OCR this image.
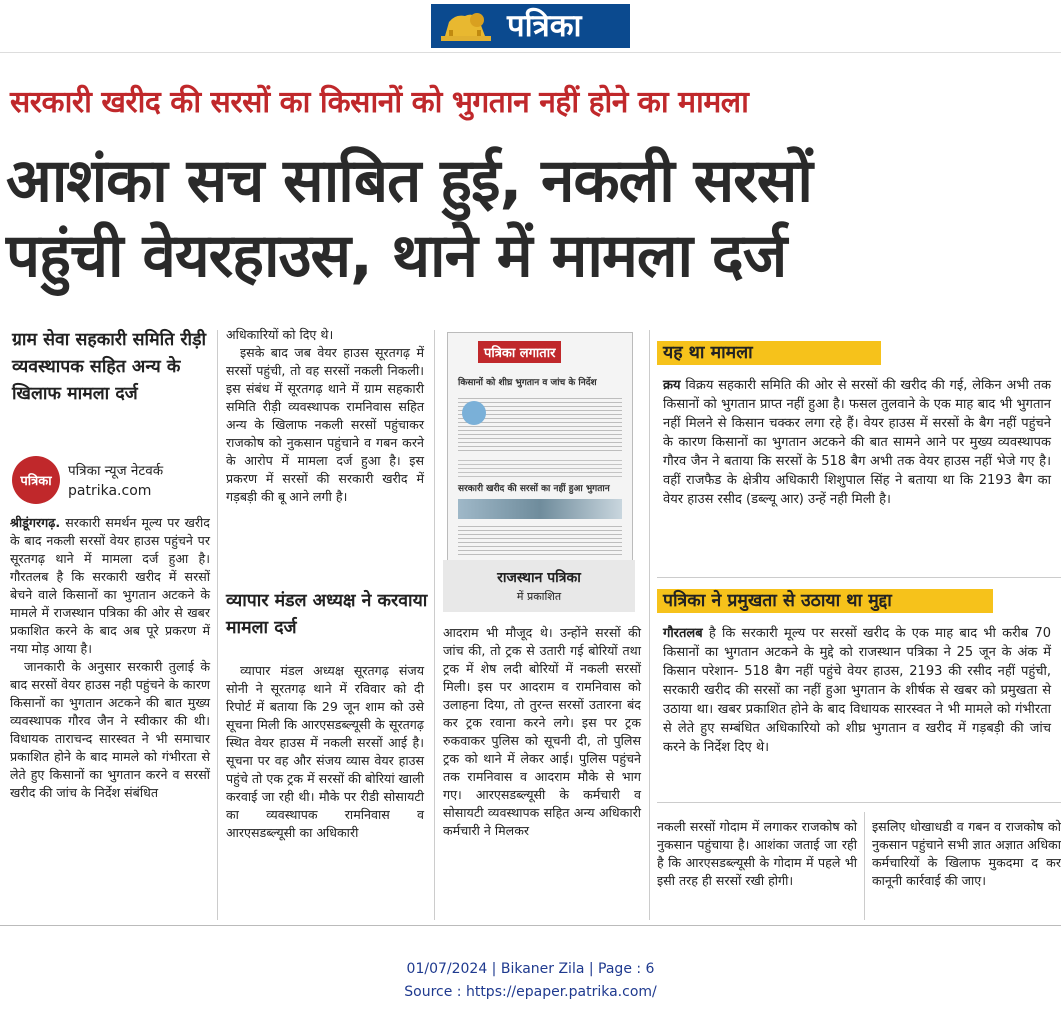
पत्रिका
सरकारी खरीद की सरसों का किसानों को भुगतान नहीं होने का मामला
आशंका सच साबित हुई, नकली सरसों
पहुंची वेयरहाउस, थाने में मामला दर्ज
ग्राम सेवा सहकारी समिति रीड़ी व्यवस्थापक सहित अन्य के खिलाफ मामला दर्ज
पत्रिका
पत्रिका न्यूज नेटवर्क
patrika.com

श्रीडूंगरगढ़. सरकारी समर्थन मूल्य पर खरीद के बाद नकली सरसों वेयर हाउस पहुंचने पर सूरतगढ़ थाने में मामला दर्ज हुआ है। गौरतलब है कि सरकारी खरीद में सरसों बेचने वाले किसानों का भुगतान अटकने के मामले में राजस्थान पत्रिका की ओर से खबर प्रकाशित करने के बाद अब पूरे प्रकरण में नया मोड़ आया है।

जानकारी के अनुसार सरकारी तुलाई के बाद सरसों वेयर हाउस नही पहुंचने के कारण किसानों का भुगतान अटकने की बात मुख्य व्यवस्थापक गौरव जैन ने स्वीकार की थी। विधायक ताराचन्द सारस्वत ने भी समाचार प्रकाशित होने के बाद मामले को गंभीरता से लेते हुए किसानों का भुगतान करने व सरसों खरीद की जांच के निर्देश संबंधित

अधिकारियों को दिए थे।

इसके बाद जब वेयर हाउस सूरतगढ़ में सरसों पहुंची, तो वह सरसों नकली निकली। इस संबंध में सूरतगढ़ थाने में ग्राम सहकारी समिति रीड़ी व्यवस्थापक रामनिवास सहित अन्य के खिलाफ नकली सरसों पहुंचाकर राजकोष को नुकसान पहुंचाने व गबन करने के आरोप में मामला दर्ज हुआ है। इस प्रकरण में सरसों की सरकारी खरीद में गड़बड़ी की बू आने लगी है।

व्यापार मंडल अध्यक्ष ने करवाया मामला दर्ज

व्यापार मंडल अध्यक्ष सूरतगढ़ संजय सोनी ने सूरतगढ़ थाने में रविवार को दी रिपोर्ट में बताया कि 29 जून शाम को उसे सूचना मिली कि आरएसडब्ल्यूसी के सूरतगढ़ स्थित वेयर हाउस में नकली सरसों आई है। सूचना पर वह और संजय व्यास वेयर हाउस पहुंचे तो एक ट्रक में सरसों की बोरियां खाली करवाई जा रही थी। मौके पर रीडी सोसायटी का व्यवस्थापक रामनिवास व आरएसडब्ल्यूसी का अधिकारी

पत्रिका लगातार
किसानों को शीघ्र भुगतान व जांच के निर्देश
सरकारी खरीद की सरसों का नहीं हुआ भुगतान
राजस्थान पत्रिका
में प्रकाशित

आदराम भी मौजूद थे। उन्होंने सरसों की जांच की, तो ट्रक से उतारी गई बोरियों तथा ट्रक में शेष लदी बोरियों में नकली सरसों मिली। इस पर आदराम व रामनिवास को उलाहना दिया, तो तुरन्त सरसों उतारना बंद कर ट्रक रवाना करने लगे। इस पर ट्रक रुकवाकर पुलिस को सूचनी दी, तो पुलिस ट्रक को थाने में लेकर आई। पुलिस पहुंचने तक रामनिवास व आदराम मौके से भाग गए। आरएसडब्ल्यूसी के कर्मचारी व सोसायटी व्यवस्थापक सहित अन्य अधिकारी कर्मचारी ने मिलकर

यह था मामला

क्रय विक्रय सहकारी समिति की ओर से सरसों की खरीद की गई, लेकिन अभी तक किसानों को भुगतान प्राप्त नहीं हुआ है। फसल तुलवाने के एक माह बाद भी भुगतान नहीं मिलने से किसान चक्कर लगा रहे हैं। वेयर हाउस में सरसों के बैग नहीं पहुंचने के कारण किसानों का भुगतान अटकने की बात सामने आने पर मुख्य व्यवस्थापक गौरव जैन ने बताया कि सरसों के 518 बैग अभी तक वेयर हाउस नहीं भेजे गए है। वहीं राजफैड के क्षेत्रीय अधिकारी शिशुपाल सिंह ने बताया था कि 2193 बैग का वेयर हाउस रसीद (डब्ल्यू आर) उन्हें नही मिली है।

पत्रिका ने प्रमुखता से उठाया था मुद्दा

गौरतलब है कि सरकारी मूल्य पर सरसों खरीद के एक माह बाद भी करीब 70 किसानों का भुगतान अटकने के मुद्दे को राजस्थान पत्रिका ने 25 जून के अंक में किसान परेशान- 518 बैग नहीं पहुंचे वेयर हाउस, 2193 की रसीद नहीं पहुंची, सरकारी खरीद की सरसों का नहीं हुआ भुगतान के शीर्षक से खबर को प्रमुखता से उठाया था। खबर प्रकाशित होने के बाद विधायक सारस्वत ने भी मामले को गंभीरता से लेते हुए सम्बंधित अधिकारियो को शीघ्र भुगतान व खरीद में गड़बड़ी की जांच करने के निर्देश दिए थे।

नकली सरसों गोदाम में लगाकर राजकोष को नुकसान पहुंचाया है। आशंका जताई जा रही है कि आरएसडब्ल्यूसी के गोदाम में पहले भी इसी तरह ही सरसों रखी होगी।

इसलिए धोखाधडी व गबन व राजकोष को नुकसान पहुंचाने सभी ज्ञात अज्ञात अधिका कर्मचारियों के खिलाफ मुकदमा द कर कानूनी कार्रवाई की जाए।

01/07/2024 | Bikaner Zila | Page : 6
Source : https://epaper.patrika.com/
